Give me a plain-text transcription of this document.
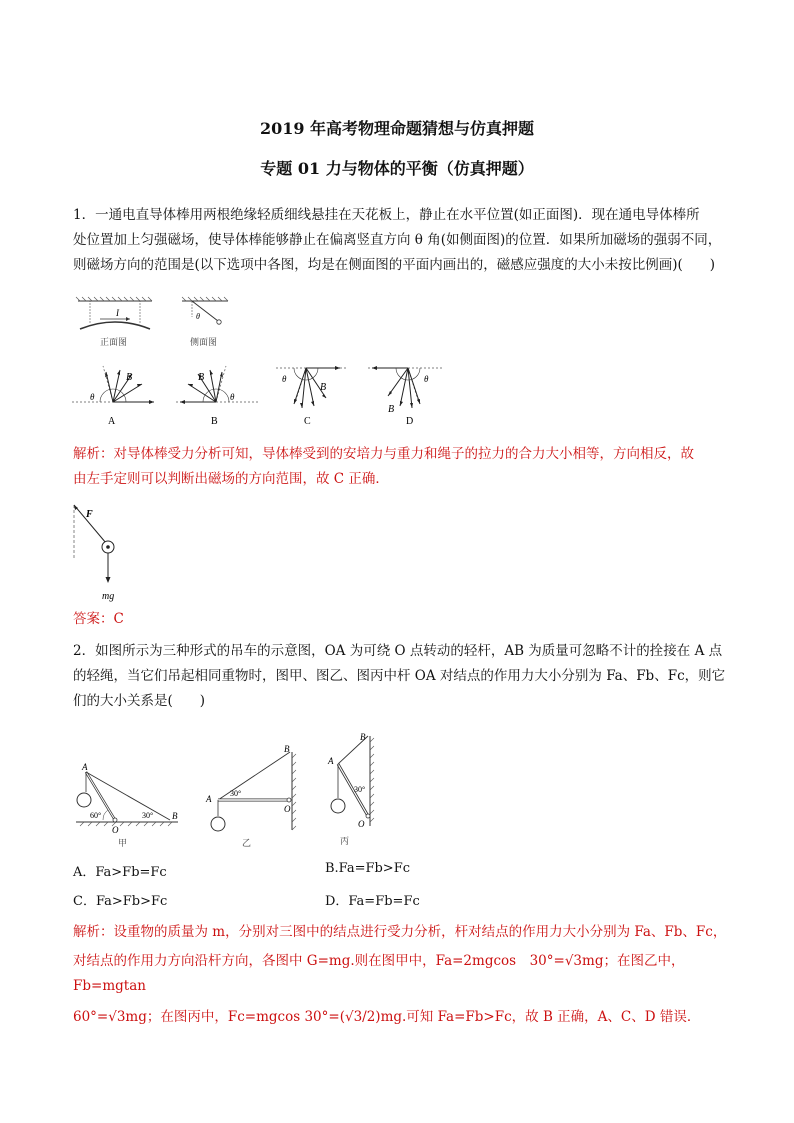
2019 年高考物理命题猜想与仿真押题
专题 01 力与物体的平衡（仿真押题）
1．一通电直导体棒用两根绝缘轻质细线悬挂在天花板上，静止在水平位置(如正面图)．现在通电导体棒所
处位置加上匀强磁场，使导体棒能够静止在偏离竖直方向 θ 角(如侧面图)的位置．如果所加磁场的强弱不同，
则磁场方向的范围是(以下选项中各图，均是在侧面图的平面内画出的，磁感应强度的大小未按比例画)(　　)
I
正面图
θ
侧面图
θ
B
A
θ
B
B
θ
B
C
θ
B
D
解析：对导体棒受力分析可知，导体棒受到的安培力与重力和绳子的拉力的合力大小相等，方向相反，故
由左手定则可以判断出磁场的方向范围，故 C 正确．
F
mg
答案：C
2．如图所示为三种形式的吊车的示意图，OA 为可绕 O 点转动的轻杆，AB 为质量可忽略不计的拴接在 A 点
的轻绳，当它们吊起相同重物时，图甲、图乙、图丙中杆 OA 对结点的作用力大小分别为 Fa、Fb、Fc，则它
们的大小关系是(　　)
A
60°	30° B
O
甲
A
30°
B
O
乙
A
30°
B
O
丙
A．Fa>Fb=Fc	B.Fa=Fb>Fc
C．Fa>Fb>Fc	D．Fa=Fb=Fc
解析：设重物的质量为 m，分别对三图中的结点进行受力分析，杆对结点的作用力大小分别为 Fa、Fb、Fc，
对结点的作用力方向沿杆方向，各图中 G=mg.则在图甲中，Fa=2mgcos　30°=√3mg；在图乙中，Fb=mgtan
60°=√3mg；在图丙中，Fc=mgcos 30°=(√3/2)mg.可知 Fa=Fb>Fc，故 B 正确，A、C、D 错误．
